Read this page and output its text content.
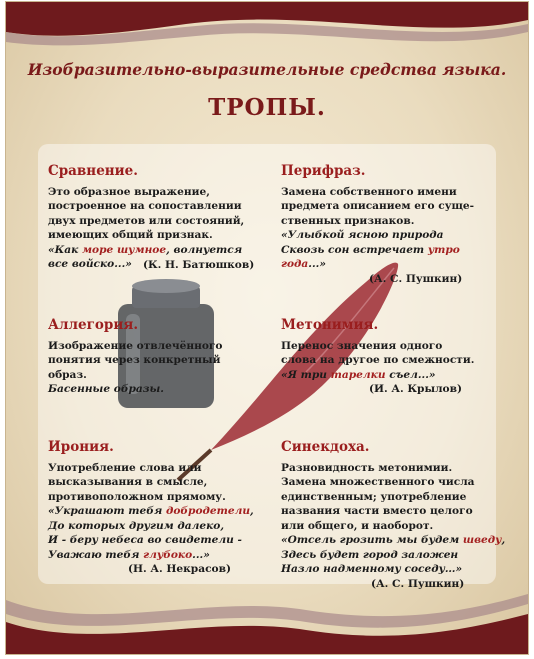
Изобразительно-выразительные средства языка.
ТРОПЫ.
Сравнение.
Это образное выражение,
построенное на сопоставлении
двух предметов или состояний,
имеющих общий признак.
«Как море шумное, волнуется
все войско...»	(К. Н. Батюшков)
Перифраз.
Замена собственного имени
предмета описанием его суще-
ственных признаков.
«Улыбкой ясною природа
Сквозь сон встречает утро года...»
(А. С. Пушкин)
Аллегория.
Изображение отвлечённого
понятия через конкретный
образ.
Басенные образы.
Метонимия.
Перенос значения одного
слова на другое по смежности.
«Я три тарелки съел...»
(И. А. Крылов)
Ирония.
Употребление слова или
высказывания в смысле,
противоположном прямому.
«Украшают тебя добродетели,
До которых другим далеко,
И - беру небеса во свидетели -
Уважаю тебя глубоко...»
(Н. А. Некрасов)
Синекдоха.
Разновидность метонимии.
Замена множественного числа
единственным; употребление
названия части вместо целого
или общего, и наоборот.
«Отсель грозить мы будем шведу,
Здесь будет город заложен
Назло надменному соседу…»
(А. С. Пушкин)
